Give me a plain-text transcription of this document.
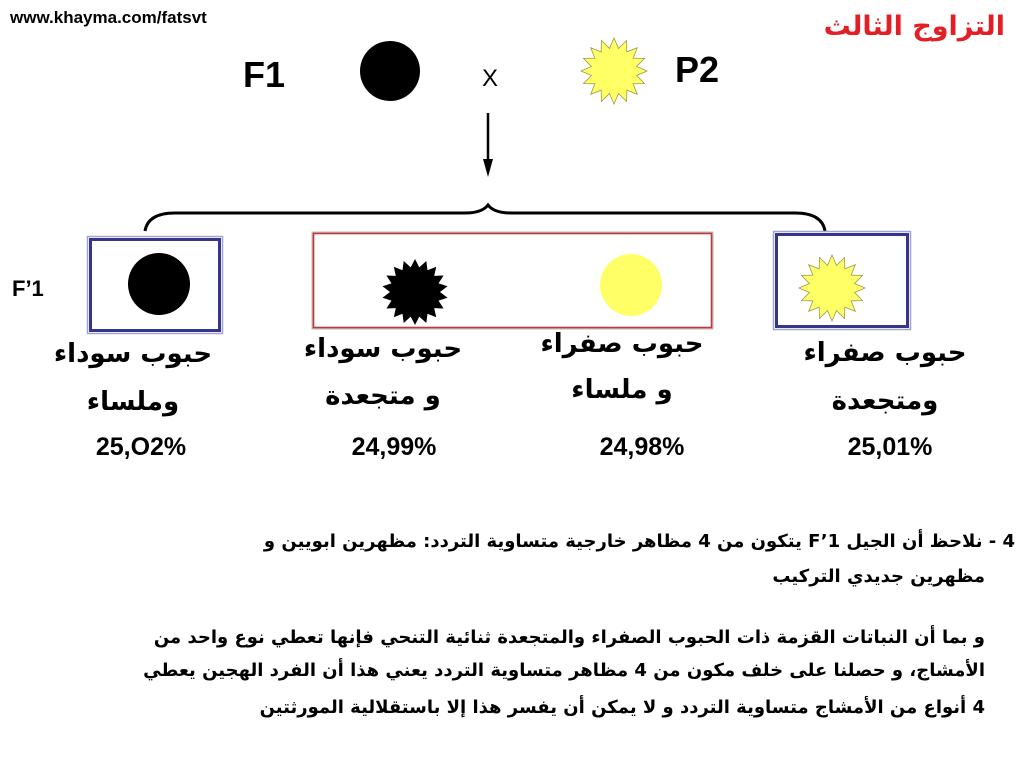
www.khayma.com/fatsvt	التزاوج الثالث
F1	X	P2
F’1
حبوب سوداء
وملساء
حبوب سوداء
و متجعدة
حبوب صفراء
و ملساء
حبوب صفراء
ومتجعدة
25,O2%	24,99%	24,98%	25,01%
4 - نلاحظ أن الجيل F’1 يتكون من 4 مظاهر خارجية متساوية التردد: مظهرين ابويين و
مظهرين جديدي التركيب
و بما أن النباتات القزمة ذات الحبوب الصفراء والمتجعدة ثنائية التنحي فإنها تعطي نوع واحد من
الأمشاج، و حصلنا على خلف مكون من 4 مظاهر متساوية التردد يعني هذا أن الفرد الهجين يعطي
4 أنواع من الأمشاج متساوية التردد و لا يمكن أن يفسر هذا إلا باستقلالية المورثتين
